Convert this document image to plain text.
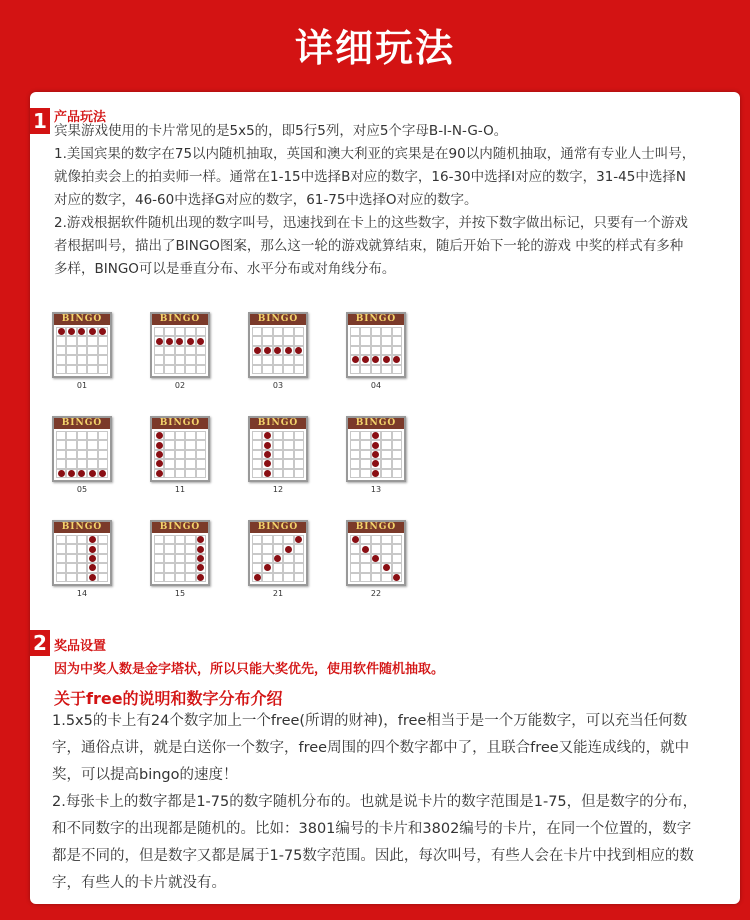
详细玩法
1 产品玩法

宾果游戏使用的卡片常见的是5x5的，即5行5列，对应5个字母B-I-N-G-O。

1.美国宾果的数字在75以内随机抽取，英国和澳大利亚的宾果是在90以内随机抽取，通常有专业人士叫号，

就像拍卖会上的拍卖师一样。通常在1-15中选择B对应的数字，16-30中选择I对应的数字，31-45中选择N

对应的数字，46-60中选择G对应的数字，61-75中选择O对应的数字。

2.游戏根据软件随机出现的数字叫号，迅速找到在卡上的这些数字，并按下数字做出标记，只要有一个游戏

者根据叫号，描出了BINGO图案，那么这一轮的游戏就算结束，随后开始下一轮的游戏 中奖的样式有多种

多样，BINGO可以是垂直分布、水平分布或对角线分布。

2 奖品设置
因为中奖人数是金字塔状，所以只能大奖优先，使用软件随机抽取。
关于free的说明和数字分布介绍

1.5x5的卡上有24个数字加上一个free(所谓的财神)，free相当于是一个万能数字，可以充当任何数

字，通俗点讲，就是白送你一个数字，free周围的四个数字都中了，且联合free又能连成线的，就中

奖，可以提高bingo的速度！

2.每张卡上的数字都是1-75的数字随机分布的。也就是说卡片的数字范围是1-75，但是数字的分布，

和不同数字的出现都是随机的。比如：3801编号的卡片和3802编号的卡片，在同一个位置的，数字

都是不同的，但是数字又都是属于1-75数字范围。因此，每次叫号，有些人会在卡片中找到相应的数

字，有些人的卡片就没有。

BINGO
01
BINGO
02
BINGO
03
BINGO
04
BINGO
05
BINGO
11
BINGO
12
BINGO
13
BINGO
14
BINGO
15
BINGO
21
BINGO
22
